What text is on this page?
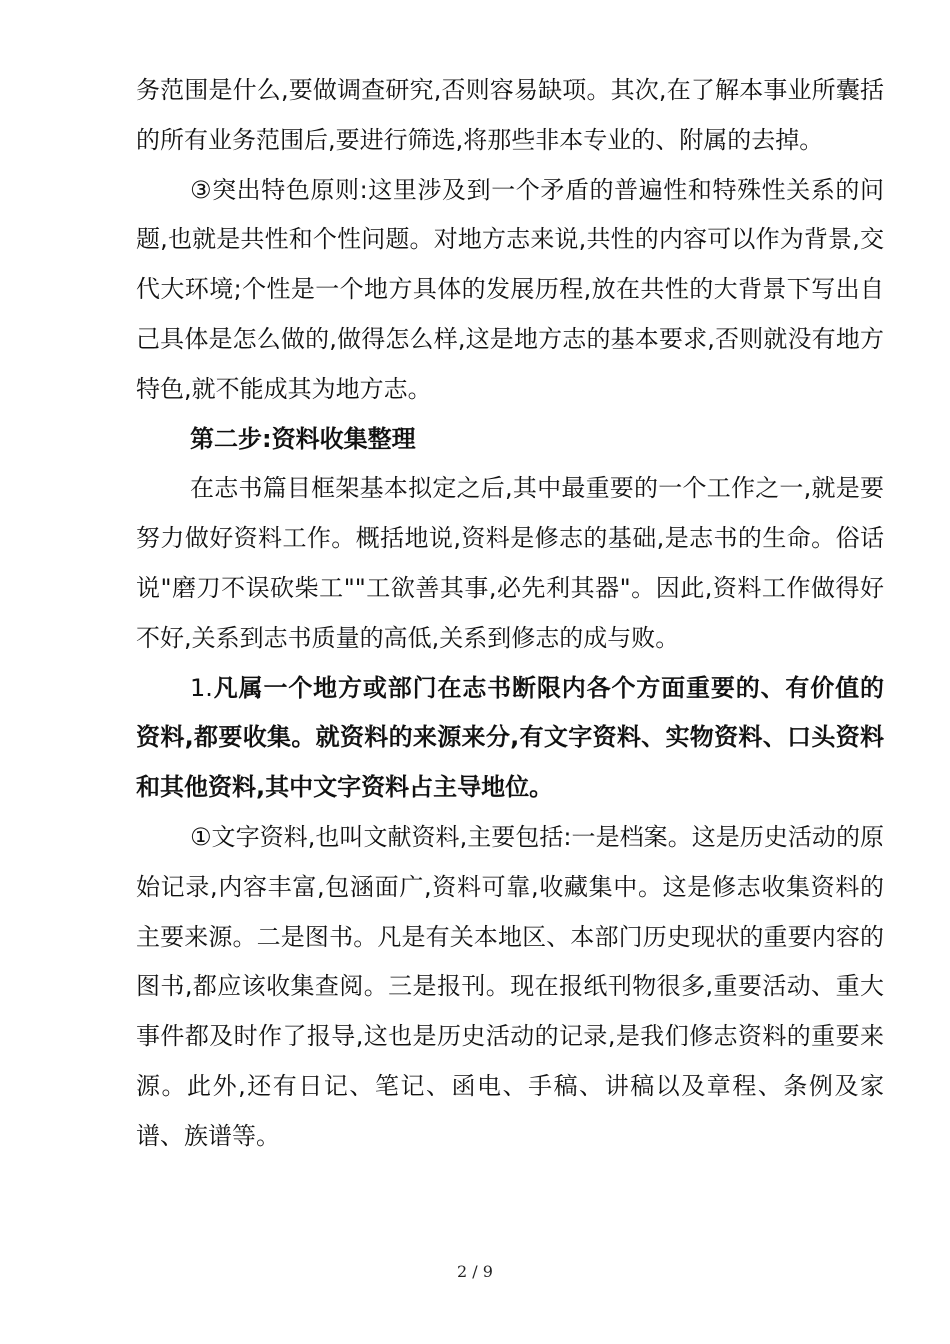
务范围是什么,要做调查研究,否则容易缺项。其次,在了解本事业所囊括的所有业务范围后,要进行筛选,将那些非本专业的、附属的去掉。

③突出特色原则:这里涉及到一个矛盾的普遍性和特殊性关系的问题,也就是共性和个性问题。对地方志来说,共性的内容可以作为背景,交代大环境;个性是一个地方具体的发展历程,放在共性的大背景下写出自己具体是怎么做的,做得怎么样,这是地方志的基本要求,否则就没有地方特色,就不能成其为地方志。

第二步:资料收集整理

在志书篇目框架基本拟定之后,其中最重要的一个工作之一,就是要努力做好资料工作。概括地说,资料是修志的基础,是志书的生命。俗话说"磨刀不误砍柴工""工欲善其事,必先利其器"。因此,资料工作做得好不好,关系到志书质量的高低,关系到修志的成与败。

1.凡属一个地方或部门在志书断限内各个方面重要的、有价值的资料,都要收集。就资料的来源来分,有文字资料、实物资料、口头资料和其他资料,其中文字资料占主导地位。

①文字资料,也叫文献资料,主要包括:一是档案。这是历史活动的原始记录,内容丰富,包涵面广,资料可靠,收藏集中。这是修志收集资料的主要来源。二是图书。凡是有关本地区、本部门历史现状的重要内容的图书,都应该收集查阅。三是报刊。现在报纸刊物很多,重要活动、重大事件都及时作了报导,这也是历史活动的记录,是我们修志资料的重要来源。此外,还有日记、笔记、函电、手稿、讲稿以及章程、条例及家谱、族谱等。

2 / 9
